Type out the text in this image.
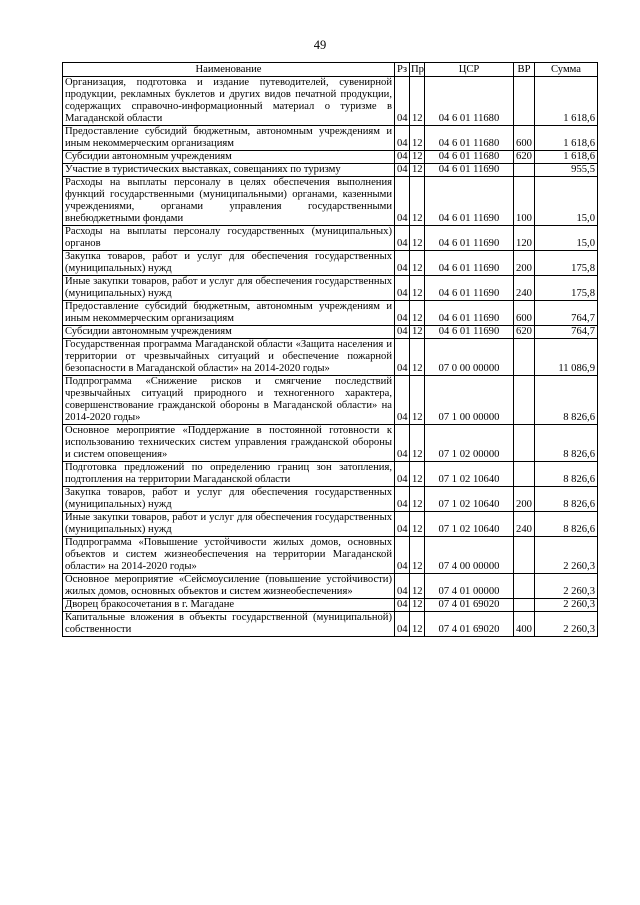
49
Наименование	Рз	Пр	ЦСР	ВР	Сумма
Организация, подготовка и издание путеводителей, сувенирной продукции, рекламных буклетов и других видов печатной продукции, содержащих справочно-информационный материал о туризме в Магаданской области	04	12	04 6 01 11680		1 618,6
Предоставление субсидий бюджетным, автономным учреждениям и иным некоммерческим организациям	04	12	04 6 01 11680	600	1 618,6
Субсидии автономным учреждениям	04	12	04 6 01 11680	620	1 618,6
Участие в туристических выставках, совещаниях по туризму	04	12	04 6 01 11690		955,5
Расходы на выплаты персоналу в целях обеспечения выполнения функций государственными (муниципальными) органами, казенными учреждениями, органами управления государственными внебюджетными фондами	04	12	04 6 01 11690	100	15,0
Расходы на выплаты персоналу государственных (муниципальных) органов	04	12	04 6 01 11690	120	15,0
Закупка товаров, работ и услуг для обеспечения государственных (муниципальных) нужд	04	12	04 6 01 11690	200	175,8
Иные закупки товаров, работ и услуг для обеспечения государственных (муниципальных) нужд	04	12	04 6 01 11690	240	175,8
Предоставление субсидий бюджетным, автономным учреждениям и иным некоммерческим организациям	04	12	04 6 01 11690	600	764,7
Субсидии автономным учреждениям	04	12	04 6 01 11690	620	764,7
Государственная программа Магаданской области «Защита населения и территории от чрезвычайных ситуаций и обеспечение пожарной безопасности в Магаданской области» на 2014-2020 годы»	04	12	07 0 00 00000		11 086,9
Подпрограмма «Снижение рисков и смягчение последствий чрезвычайных ситуаций природного и техногенного характера, совершенствование гражданской обороны в Магаданской области» на 2014-2020 годы»	04	12	07 1 00 00000		8 826,6
Основное мероприятие «Поддержание в постоянной готовности к использованию технических систем управления гражданской обороны и систем оповещения»	04	12	07 1 02 00000		8 826,6
Подготовка предложений по определению границ зон затопления, подтопления на территории Магаданской области	04	12	07 1 02 10640		8 826,6
Закупка товаров, работ и услуг для обеспечения государственных (муниципальных) нужд	04	12	07 1 02 10640	200	8 826,6
Иные закупки товаров, работ и услуг для обеспечения государственных (муниципальных) нужд	04	12	07 1 02 10640	240	8 826,6
Подпрограмма «Повышение устойчивости жилых домов, основных объектов и систем жизнеобеспечения на территории Магаданской области» на 2014-2020 годы»	04	12	07 4 00 00000		2 260,3
Основное мероприятие «Сейсмоусиление (повышение устойчивости) жилых домов, основных объектов и систем жизнеобеспечения»	04	12	07 4 01 00000		2 260,3
Дворец бракосочетания в г. Магадане	04	12	07 4 01 69020		2 260,3
Капитальные вложения в объекты государственной (муниципальной) собственности	04	12	07 4 01 69020	400	2 260,3
